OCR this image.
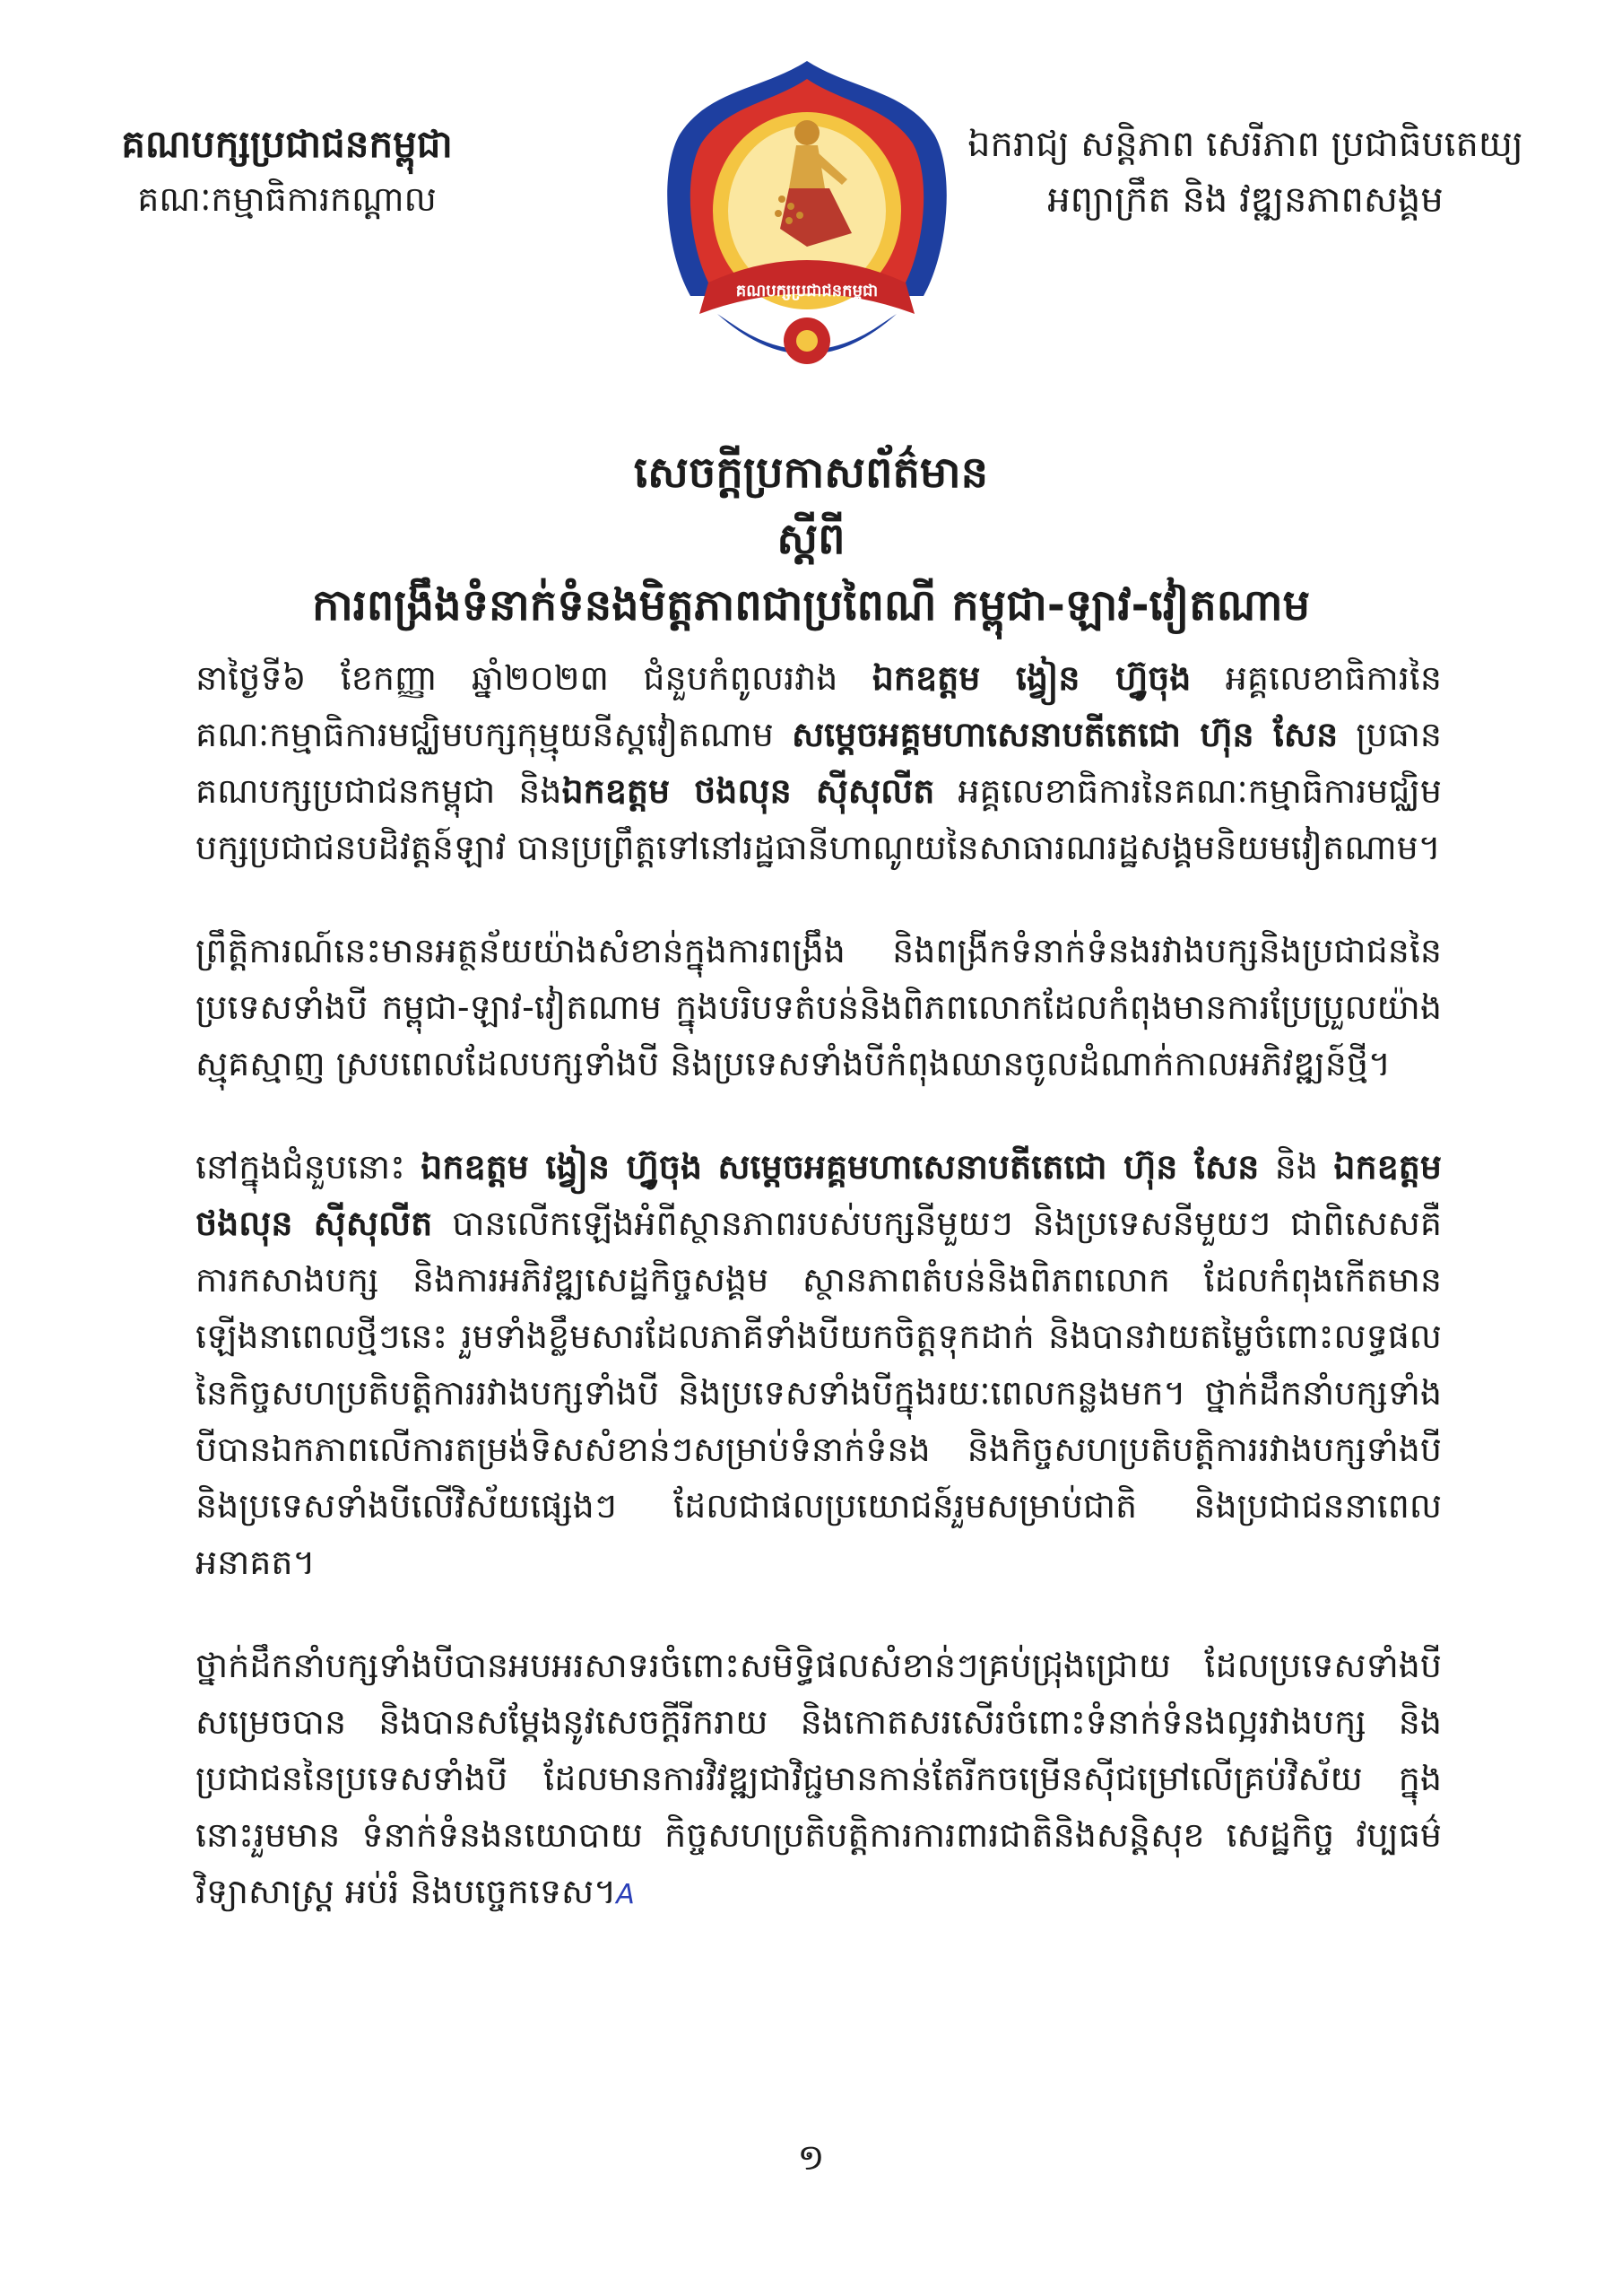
គណបក្សប្រជាជនកម្ពុជា
គណៈកម្មាធិការកណ្តាល
គណបក្សប្រជាជនកម្ពុជា
ឯករាជ្យ សន្តិភាព សេរីភាព ប្រជាធិបតេយ្យ
អព្យាក្រឹត និង វឌ្ឍនភាពសង្គម
សេចក្តីប្រកាសព័ត៌មាន
ស្តីពី
ការពង្រឹងទំនាក់ទំនងមិត្តភាពជាប្រពៃណី កម្ពុជា-ឡាវ-វៀតណាម

នាថ្ងៃទី៦ ខែកញ្ញា ឆ្នាំ២០២៣ ជំនួបកំពូលរវាង ឯកឧត្តម ង្វៀន ហ្វ៊ូចុង អគ្គលេខាធិការនៃគណៈកម្មាធិការមជ្ឈិមបក្សកុម្មុយនីស្តវៀតណាម សម្តេចអគ្គមហាសេនាបតីតេជោ ហ៊ុន សែន ប្រធានគណបក្សប្រជាជនកម្ពុជា និងឯកឧត្តម ថងលុន ស៊ីសុលីត អគ្គលេខាធិការនៃគណៈកម្មាធិការមជ្ឈិមបក្សប្រជាជនបដិវត្តន៍ឡាវ បានប្រព្រឹត្តទៅនៅរដ្ឋធានីហាណូយនៃសាធារណរដ្ឋសង្គមនិយមវៀតណាម។

ព្រឹត្តិការណ៍នេះមានអត្ថន័យយ៉ាងសំខាន់ក្នុងការពង្រឹង និងពង្រីកទំនាក់ទំនងរវាងបក្សនិងប្រជាជននៃប្រទេសទាំងបី កម្ពុជា-ឡាវ-វៀតណាម ក្នុងបរិបទតំបន់និងពិភពលោកដែលកំពុងមានការប្រែប្រួលយ៉ាងស្មុគស្មាញ ស្របពេលដែលបក្សទាំងបី និងប្រទេសទាំងបីកំពុងឈានចូលដំណាក់កាលអភិវឌ្ឍន៍ថ្មី។

នៅក្នុងជំនួបនោះ ឯកឧត្តម ង្វៀន ហ្វ៊ូចុង សម្តេចអគ្គមហាសេនាបតីតេជោ ហ៊ុន សែន និង ឯកឧត្តម ថងលុន ស៊ីសុលីត បានលើកឡើងអំពីស្ថានភាពរបស់បក្សនីមួយៗ និងប្រទេសនីមួយៗ ជាពិសេសគឺការកសាងបក្ស និងការអភិវឌ្ឍសេដ្ឋកិច្ចសង្គម ស្ថានភាពតំបន់និងពិភពលោក ដែលកំពុងកើតមានឡើងនាពេលថ្មីៗនេះ រួមទាំងខ្លឹមសារដែលភាគីទាំងបីយកចិត្តទុកដាក់ និងបានវាយតម្លៃចំពោះលទ្ធផលនៃកិច្ចសហប្រតិបត្តិការរវាងបក្សទាំងបី និងប្រទេសទាំងបីក្នុងរយៈពេលកន្លងមក។ ថ្នាក់ដឹកនាំបក្សទាំងបីបានឯកភាពលើការតម្រង់ទិសសំខាន់ៗសម្រាប់ទំនាក់ទំនង និងកិច្ចសហប្រតិបត្តិការរវាងបក្សទាំងបី និងប្រទេសទាំងបីលើវិស័យផ្សេងៗ ដែលជាផលប្រយោជន៍រួមសម្រាប់ជាតិ និងប្រជាជននាពេលអនាគត។

ថ្នាក់ដឹកនាំបក្សទាំងបីបានអបអរសាទរចំពោះសមិទ្ធិផលសំខាន់ៗគ្រប់ជ្រុងជ្រោយ ដែលប្រទេសទាំងបីសម្រេចបាន និងបានសម្តែងនូវសេចក្តីរីករាយ និងកោតសរសើរចំពោះទំនាក់ទំនងល្អរវាងបក្ស និងប្រជាជននៃប្រទេសទាំងបី ដែលមានការវិវឌ្ឍជាវិជ្ជមានកាន់តែរីកចម្រើនស៊ីជម្រៅលើគ្រប់វិស័យ ក្នុងនោះរួមមាន ទំនាក់ទំនងនយោបាយ កិច្ចសហប្រតិបត្តិការការពារជាតិនិងសន្តិសុខ សេដ្ឋកិច្ច វប្បធម៌ វិទ្យាសាស្ត្រ អប់រំ និងបច្ចេកទេស។A

១
